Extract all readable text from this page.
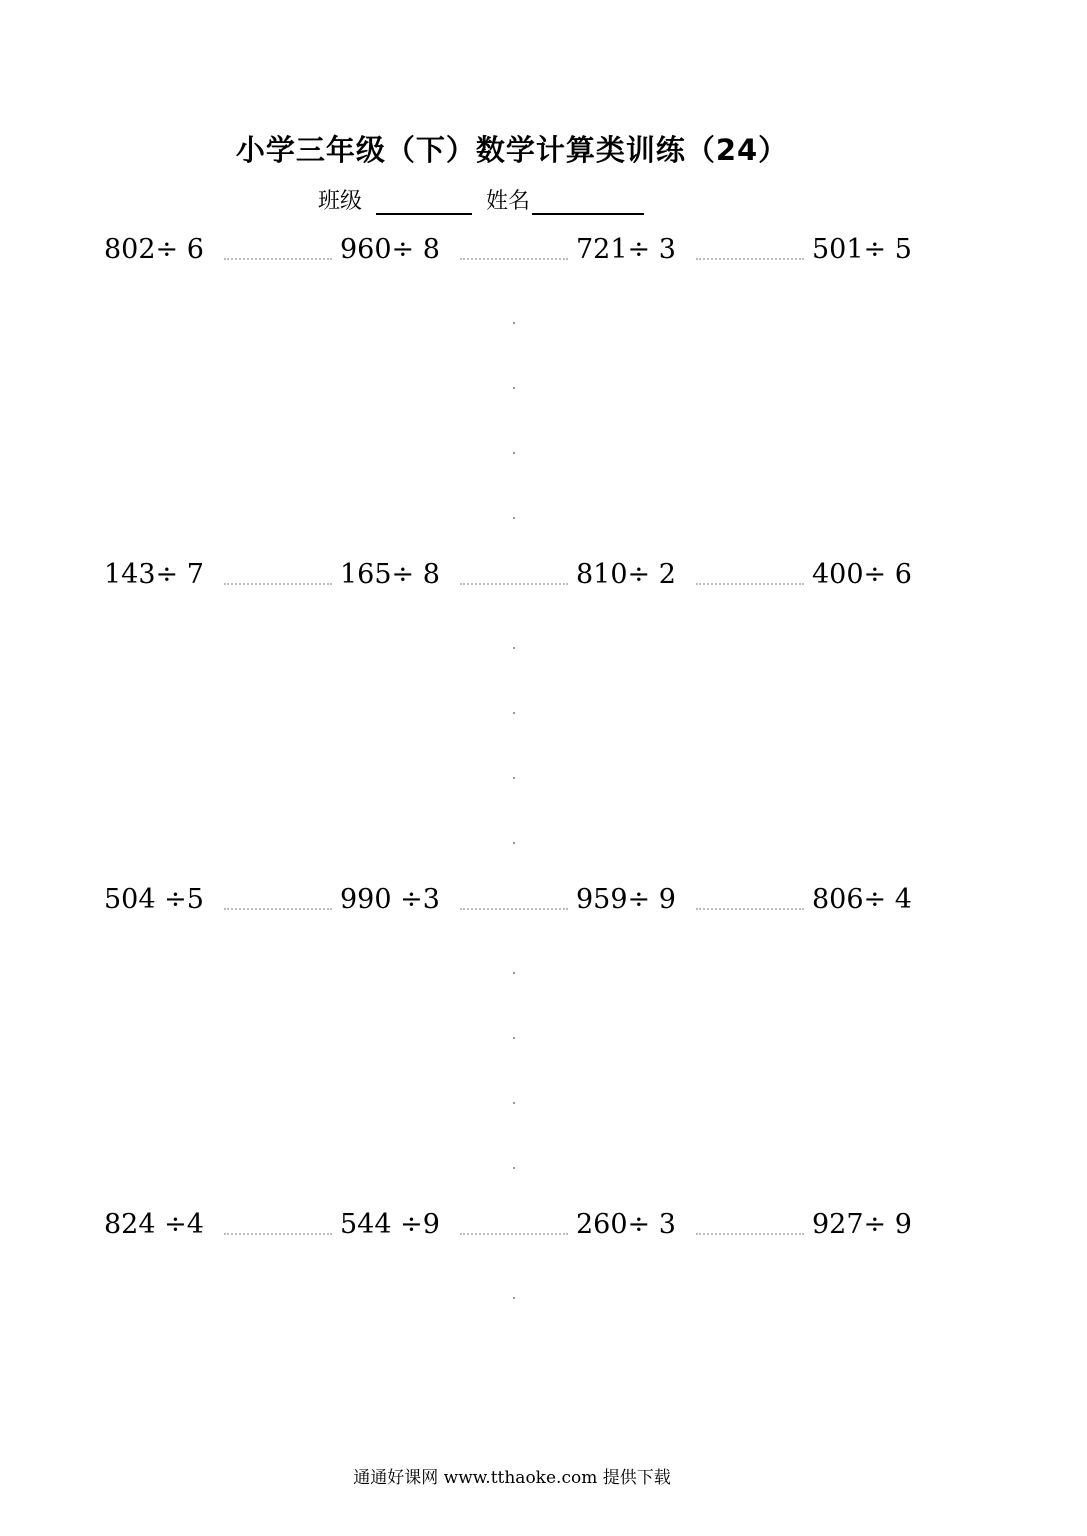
小学三年级（下）数学计算类训练（24）
班级	姓名
802÷ 6	960÷ 8	721÷ 3	501÷ 5
143÷ 7	165÷ 8	810÷ 2	400÷ 6
504 ÷5	990 ÷3	959÷ 9	806÷ 4
824 ÷4	544 ÷9	260÷ 3	927÷ 9
通通好课网 www.tthaoke.com 提供下载
